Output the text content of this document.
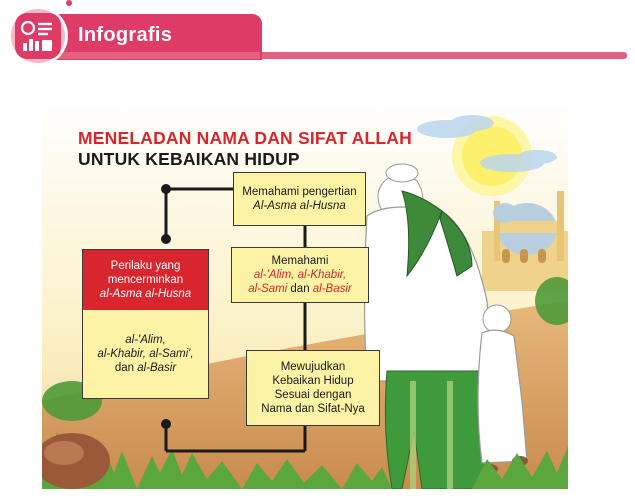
Infografis
MENELADAN NAMA DAN SIFAT ALLAH
UNTUK KEBAIKAN HIDUP
Memahami pengertian
Al-Asma al-Husna
Memahami
al-'Alim, al-Khabir,
al-Sami dan al-Basir
Mewujudkan
Kebaikan Hidup
Sesuai dengan
Nama dan Sifat-Nya
Perilaku yang
mencerminkan
al-Asma al-Husna
al-'Alim,
al-Khabir, al-Sami',
dan al-Basir
